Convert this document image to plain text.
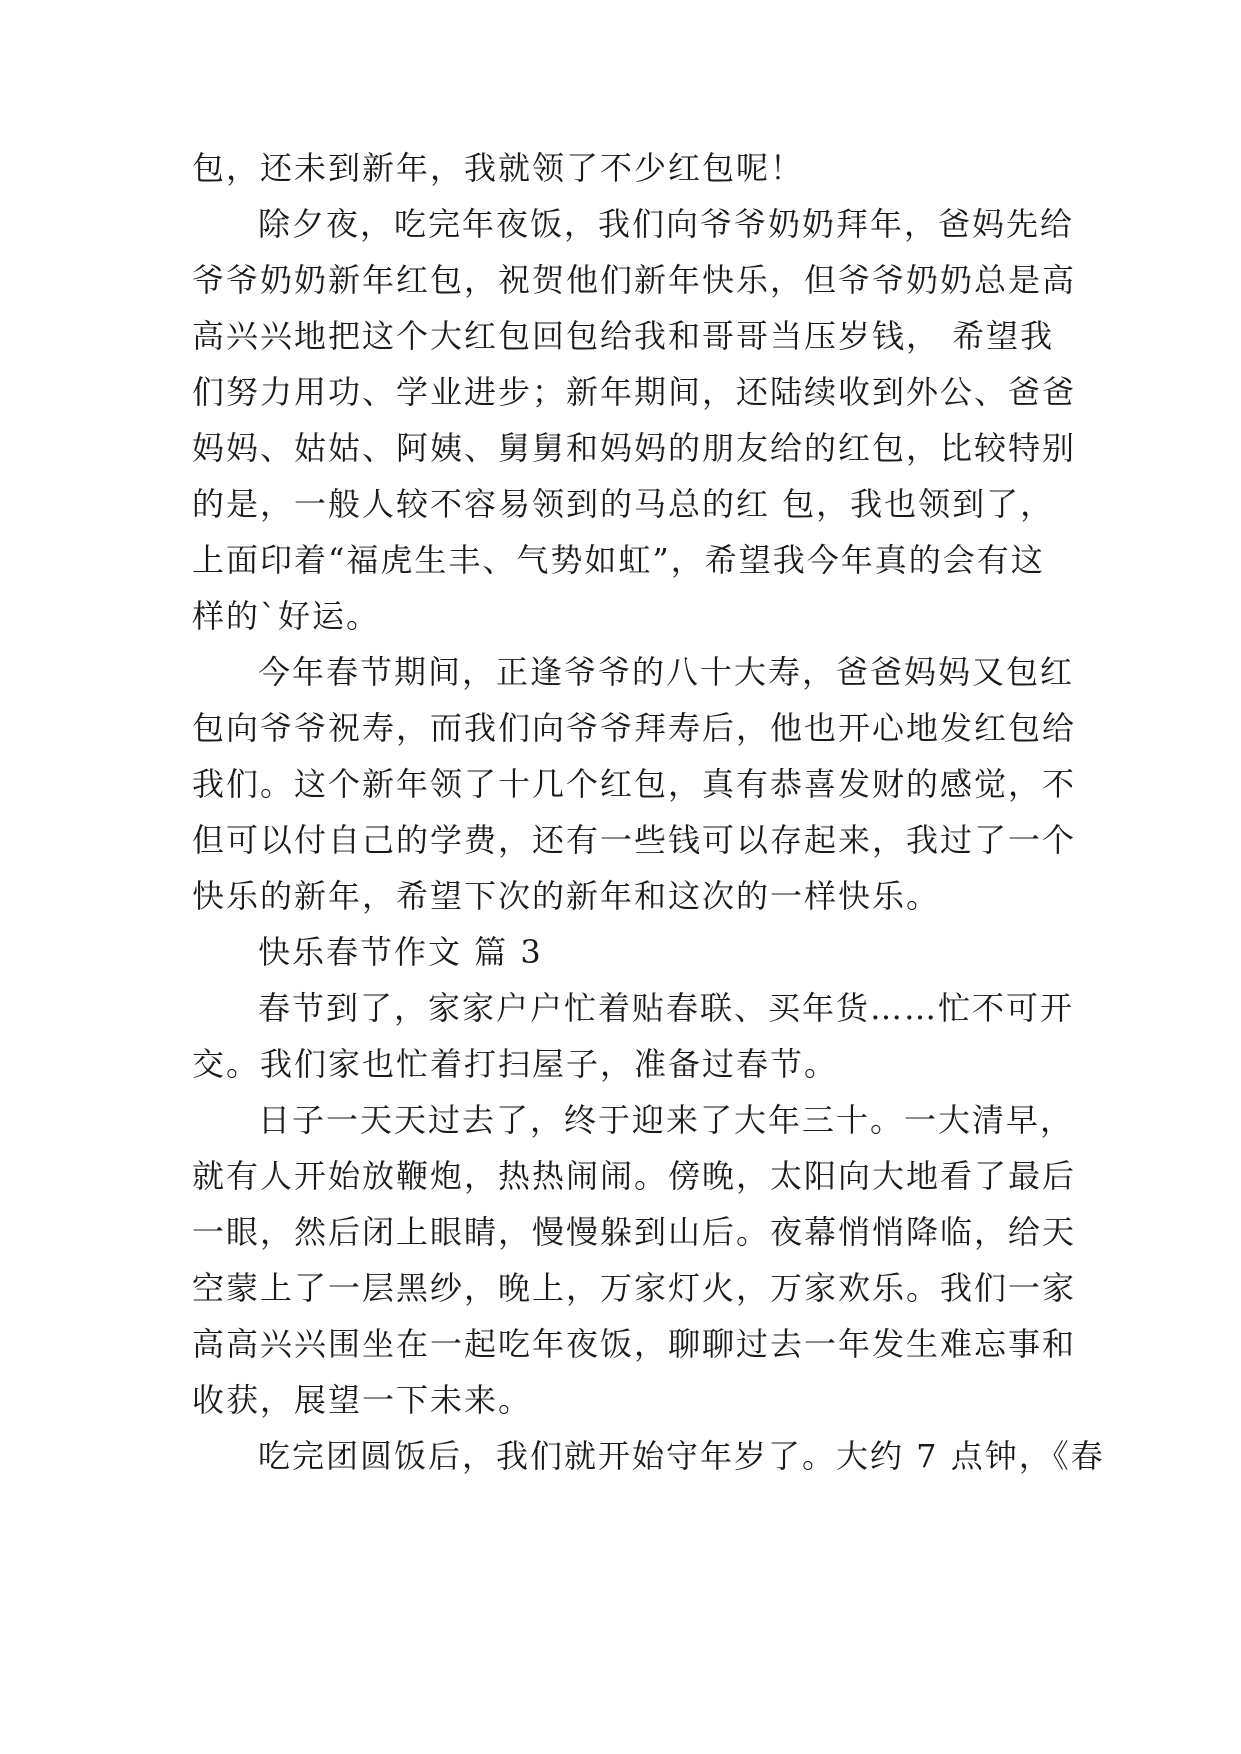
包，还未到新年，我就领了不少红包呢！
除夕夜，吃完年夜饭，我们向爷爷奶奶拜年，爸妈先给
爷爷奶奶新年红包，祝贺他们新年快乐，但爷爷奶奶总是高
高兴兴地把这个大红包回包给我和哥哥当压岁钱， 希望我
们努力用功、学业进步；新年期间，还陆续收到外公、爸爸
妈妈、姑姑、阿姨、舅舅和妈妈的朋友给的红包，比较特别
的是，一般人较不容易领到的马总的红 包，我也领到了，
上面印着“福虎生丰、气势如虹”，希望我今年真的会有这
样的`好运。
今年春节期间，正逢爷爷的八十大寿，爸爸妈妈又包红
包向爷爷祝寿，而我们向爷爷拜寿后，他也开心地发红包给
我们。这个新年领了十几个红包，真有恭喜发财的感觉，不
但可以付自己的学费，还有一些钱可以存起来，我过了一个
快乐的新年，希望下次的新年和这次的一样快乐。
快乐春节作文 篇 3
春节到了，家家户户忙着贴春联、买年货……忙不可开
交。我们家也忙着打扫屋子，准备过春节。
日子一天天过去了，终于迎来了大年三十。一大清早，
就有人开始放鞭炮，热热闹闹。傍晚，太阳向大地看了最后
一眼，然后闭上眼睛，慢慢躲到山后。夜幕悄悄降临，给天
空蒙上了一层黑纱，晚上，万家灯火，万家欢乐。我们一家
高高兴兴围坐在一起吃年夜饭，聊聊过去一年发生难忘事和
收获，展望一下未来。
吃完团圆饭后，我们就开始守年岁了。大约 7 点钟，《春
